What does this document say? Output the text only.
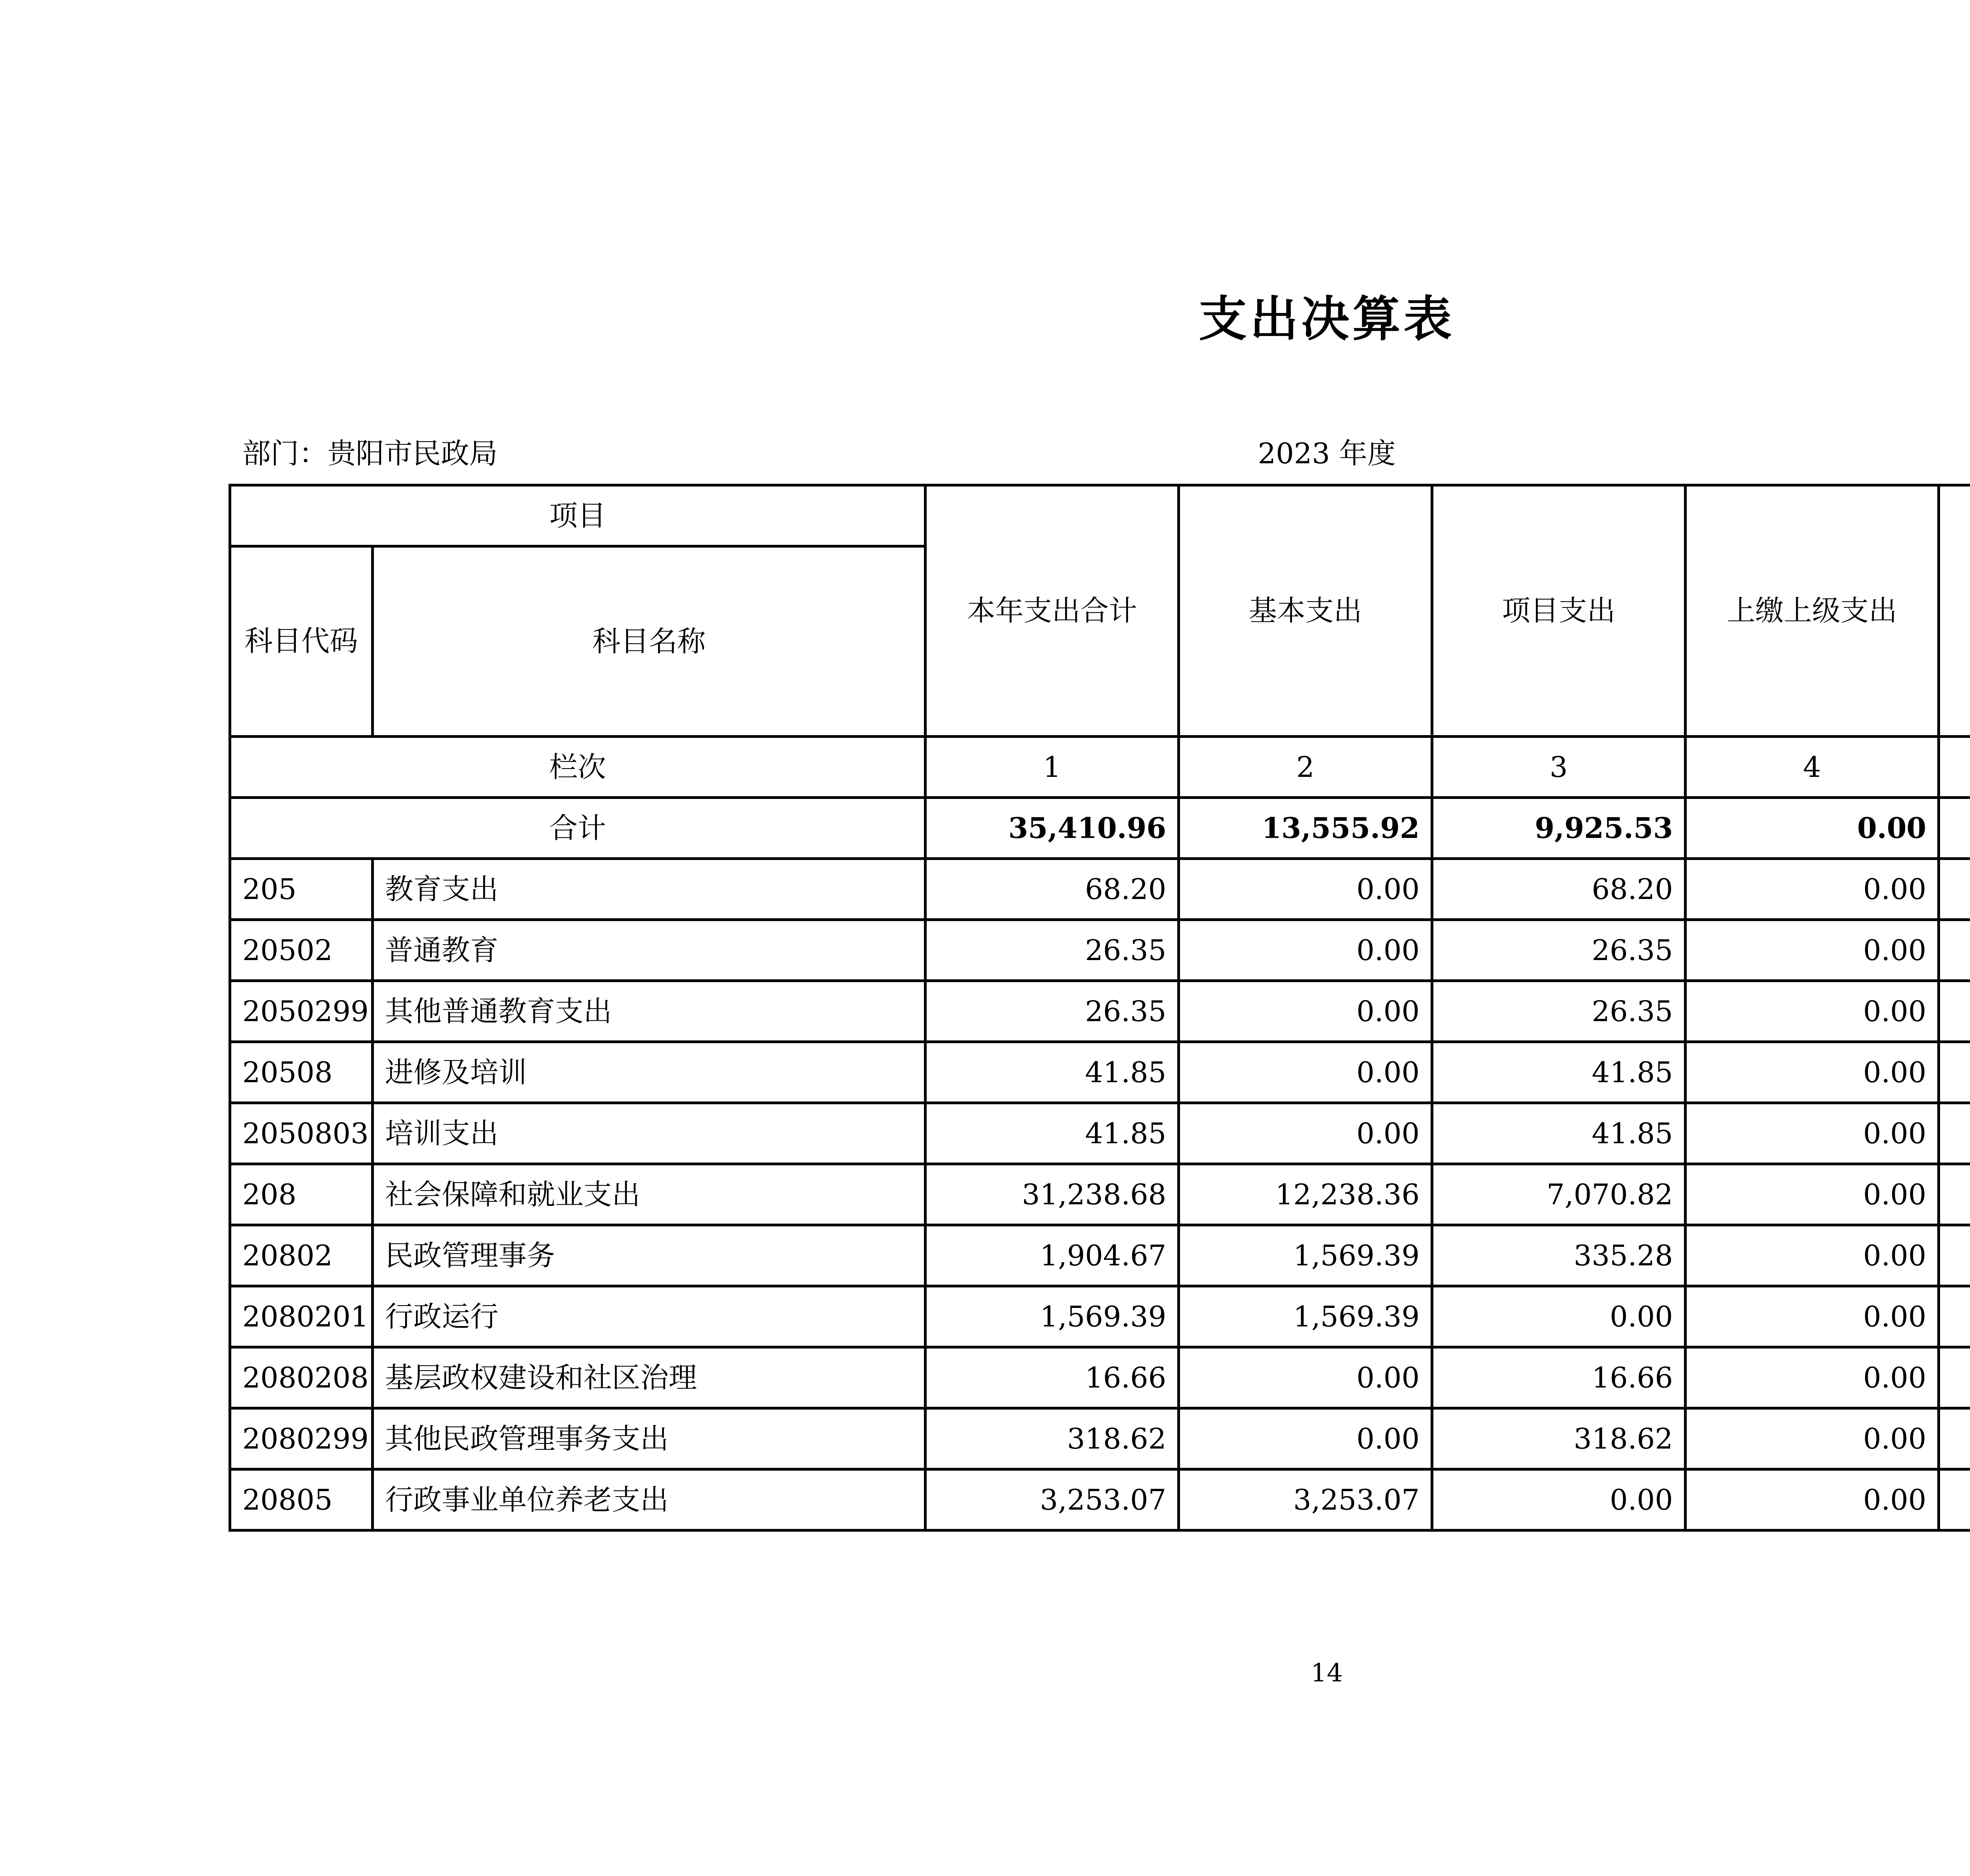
支出决算表
部门：贵阳市民政局	2023 年度
项目		本年支出合计	基本支出	项目支出	上缴上级支出		
科目代码	科目名称						
栏次		1	2	3	4		
合计		35,410.96	13,555.92	9,925.53	0.00		
205	教育支出	68.20	0.00	68.20	0.00		
20502	普通教育	26.35	0.00	26.35	0.00		
2050299	其他普通教育支出	26.35	0.00	26.35	0.00		
20508	进修及培训	41.85	0.00	41.85	0.00		
2050803	培训支出	41.85	0.00	41.85	0.00		
208	社会保障和就业支出	31,238.68	12,238.36	7,070.82	0.00		
20802	民政管理事务	1,904.67	1,569.39	335.28	0.00		
2080201	行政运行	1,569.39	1,569.39	0.00	0.00		
2080208	基层政权建设和社区治理	16.66	0.00	16.66	0.00		
2080299	其他民政管理事务支出	318.62	0.00	318.62	0.00		
20805	行政事业单位养老支出	3,253.07	3,253.07	0.00	0.00		
14
